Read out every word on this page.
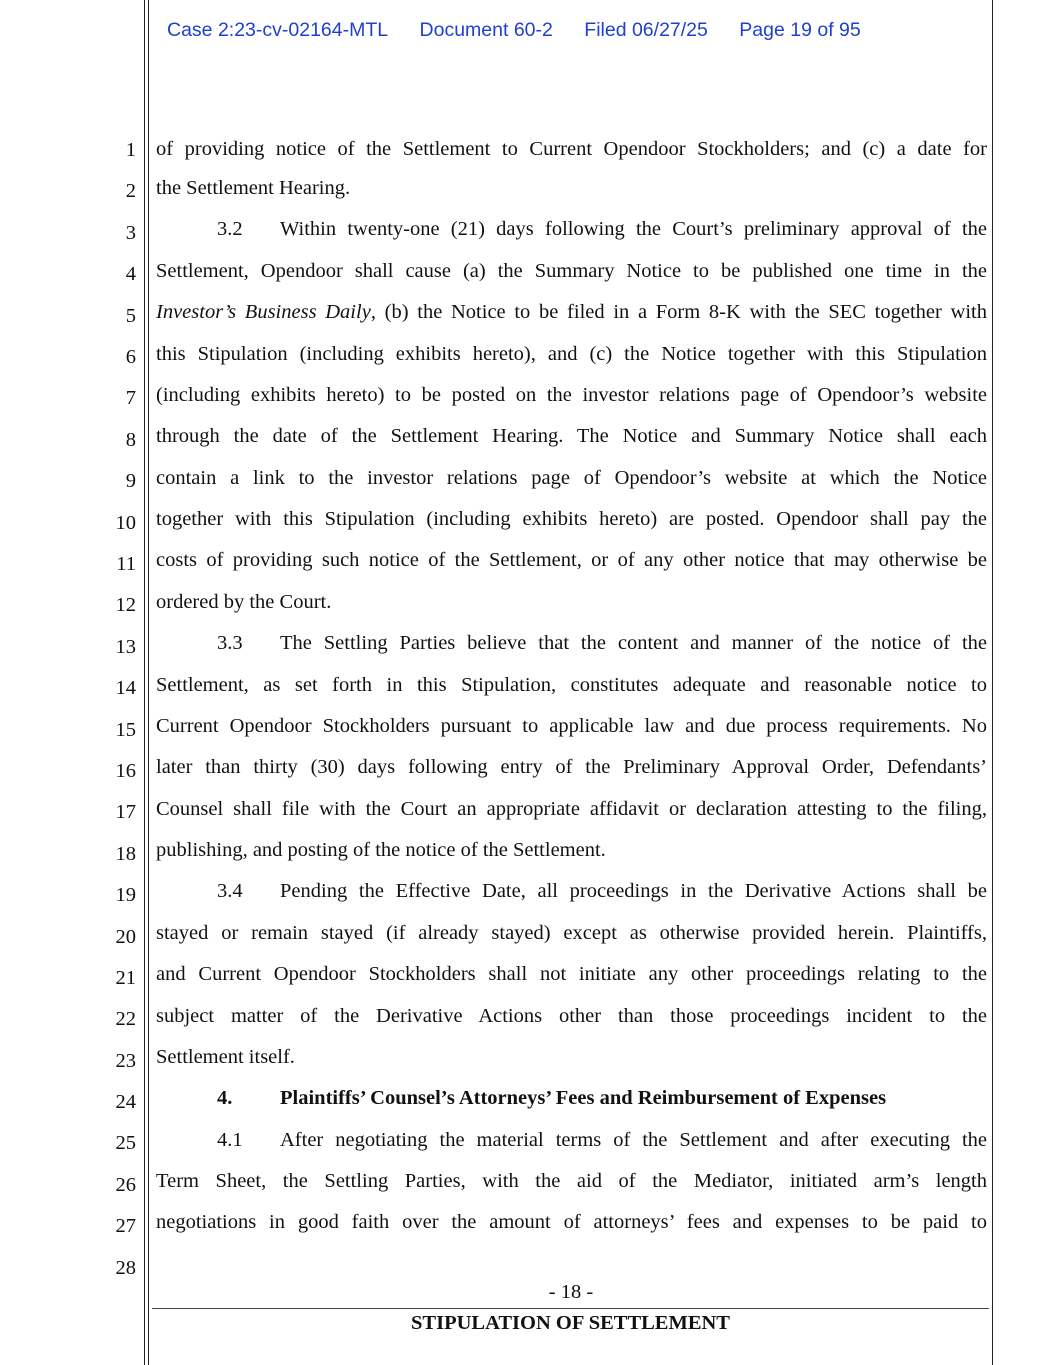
Case 2:23-cv-02164-MTL Document 60-2 Filed 06/27/25 Page 19 of 95
1
2
3
4
5
6
7
8
9
10
11
12
13
14
15
16
17
18
19
20
21
22
23
24
25
26
27
28
of providing notice of the Settlement to Current Opendoor Stockholders; and (c) a date for
the Settlement Hearing.
3.2 Within twenty-one (21) days following the Court’s preliminary approval of the
Settlement, Opendoor shall cause (a) the Summary Notice to be published one time in the
Investor’s Business Daily, (b) the Notice to be filed in a Form 8-K with the SEC together with
this Stipulation (including exhibits hereto), and (c) the Notice together with this Stipulation
(including exhibits hereto) to be posted on the investor relations page of Opendoor’s website
through the date of the Settlement Hearing. The Notice and Summary Notice shall each
contain a link to the investor relations page of Opendoor’s website at which the Notice
together with this Stipulation (including exhibits hereto) are posted. Opendoor shall pay the
costs of providing such notice of the Settlement, or of any other notice that may otherwise be
ordered by the Court.
3.3 The Settling Parties believe that the content and manner of the notice of the
Settlement, as set forth in this Stipulation, constitutes adequate and reasonable notice to
Current Opendoor Stockholders pursuant to applicable law and due process requirements. No
later than thirty (30) days following entry of the Preliminary Approval Order, Defendants’
Counsel shall file with the Court an appropriate affidavit or declaration attesting to the filing,
publishing, and posting of the notice of the Settlement.
3.4 Pending the Effective Date, all proceedings in the Derivative Actions shall be
stayed or remain stayed (if already stayed) except as otherwise provided herein. Plaintiffs,
and Current Opendoor Stockholders shall not initiate any other proceedings relating to the
subject matter of the Derivative Actions other than those proceedings incident to the
Settlement itself.
4. Plaintiffs’ Counsel’s Attorneys’ Fees and Reimbursement of Expenses
4.1 After negotiating the material terms of the Settlement and after executing the
Term Sheet, the Settling Parties, with the aid of the Mediator, initiated arm’s length
negotiations in good faith over the amount of attorneys’ fees and expenses to be paid to
- 18 -
STIPULATION OF SETTLEMENT
